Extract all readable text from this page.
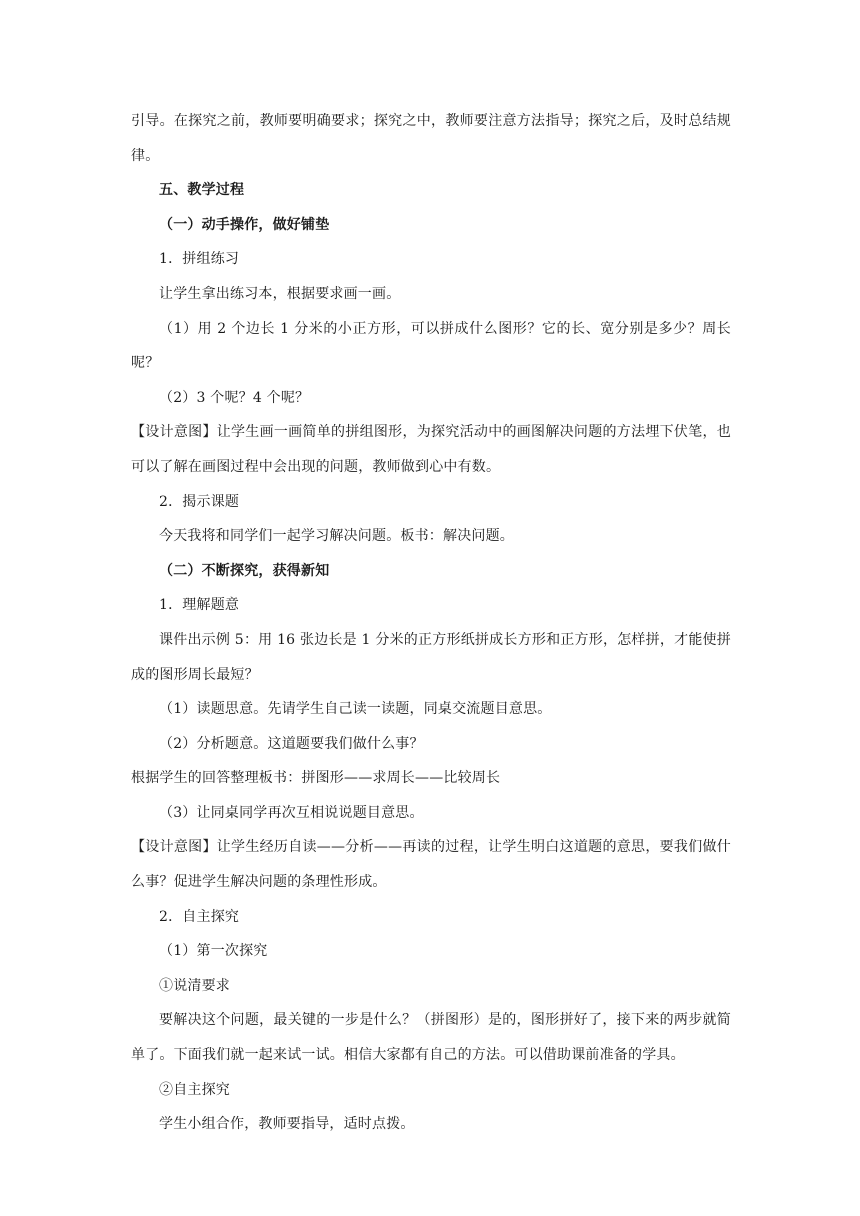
引导。在探究之前，教师要明确要求；探究之中，教师要注意方法指导；探究之后，及时总结规律。

五、教学过程

（一）动手操作，做好铺垫

1．拼组练习

让学生拿出练习本，根据要求画一画。

（1）用 2 个边长 1 分米的小正方形，可以拼成什么图形？它的长、宽分别是多少？周长呢？

（2）3 个呢？4 个呢？

【设计意图】让学生画一画简单的拼组图形，为探究活动中的画图解决问题的方法埋下伏笔，也可以了解在画图过程中会出现的问题，教师做到心中有数。

2．揭示课题

今天我将和同学们一起学习解决问题。板书：解决问题。

（二）不断探究，获得新知

1．理解题意

课件出示例 5：用 16 张边长是 1 分米的正方形纸拼成长方形和正方形，怎样拼，才能使拼成的图形周长最短？

（1）读题思意。先请学生自己读一读题，同桌交流题目意思。

（2）分析题意。这道题要我们做什么事？

根据学生的回答整理板书：拼图形——求周长——比较周长

（3）让同桌同学再次互相说说题目意思。

【设计意图】让学生经历自读——分析——再读的过程，让学生明白这道题的意思，要我们做什么事？促进学生解决问题的条理性形成。

2．自主探究

（1）第一次探究

①说清要求

要解决这个问题，最关键的一步是什么？（拼图形）是的，图形拼好了，接下来的两步就简单了。下面我们就一起来试一试。相信大家都有自己的方法。可以借助课前准备的学具。

②自主探究

学生小组合作，教师要指导，适时点拨。
